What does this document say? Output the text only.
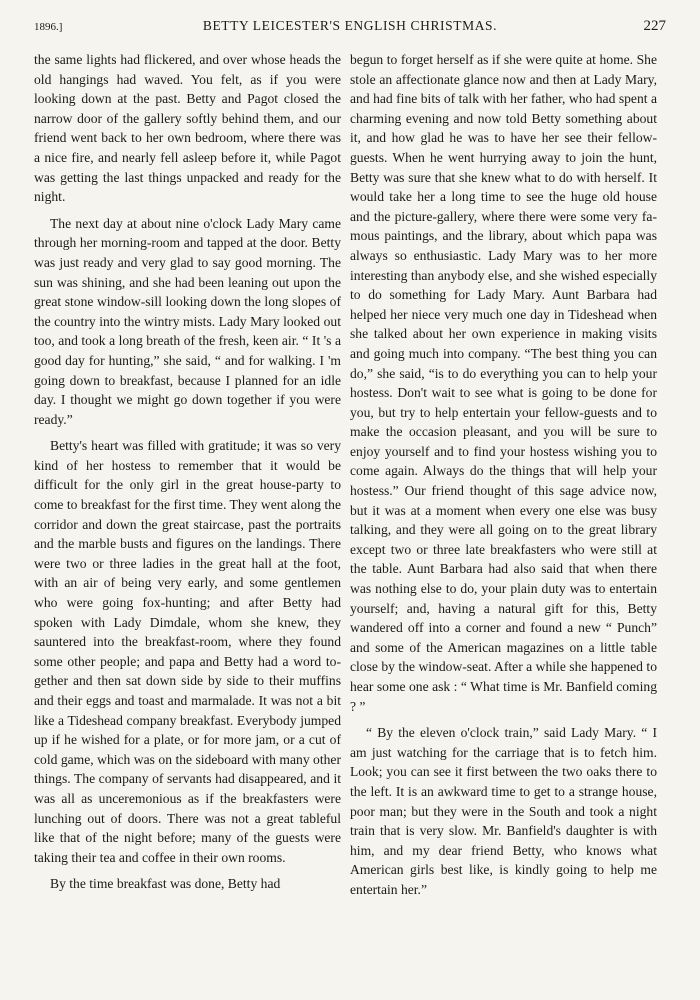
1896.]	BETTY LEICESTER'S ENGLISH CHRISTMAS.	227

the same lights had flickered, and over whose heads the old hangings had waved. You felt, as if you were looking down at the past. Betty and Pagot closed the narrow door of the gallery softly behind them, and our friend went back to her own bedroom, where there was a nice fire, and nearly fell asleep before it, while Pagot was getting the last things unpacked and ready for the night.

The next day at about nine o'clock Lady Mary came through her morning-room and tapped at the door. Betty was just ready and very glad to say good morning. The sun was shining, and she had been leaning out upon the great stone window-sill looking down the long slopes of the country into the wintry mists. Lady Mary looked out too, and took a long breath of the fresh, keen air. “ It 's a good day for hunting,” she said, “ and for walking. I 'm going down to breakfast, because I planned for an idle day. I thought we might go down together if you were ready.”

Betty's heart was filled with gratitude; it was so very kind of her hostess to remember that it would be difficult for the only girl in the great house-party to come to breakfast for the first time. They went along the corridor and down the great staircase, past the portraits and the marble busts and figures on the landings. There were two or three ladies in the great hall at the foot, with an air of being very early, and some gentlemen who were going fox-hunting; and after Betty had spoken with Lady Dimdale, whom she knew, they sauntered into the breakfast-room, where they found some other people; and papa and Betty had a word together and then sat down side by side to their muffins and their eggs and toast and marmalade. It was not a bit like a Tideshead company breakfast. Everybody jumped up if he wished for a plate, or for more jam, or a cut of cold game, which was on the sideboard with many other things. The company of servants had disappeared, and it was all as unceremonious as if the breakfasters were lunching out of doors. There was not a great tableful like that of the night before; many of the guests were taking their tea and coffee in their own rooms.

By the time breakfast was done, Betty had

begun to forget herself as if she were quite at home. She stole an affectionate glance now and then at Lady Mary, and had fine bits of talk with her father, who had spent a charming evening and now told Betty something about it, and how glad he was to have her see their fellow-guests. When he went hurrying away to join the hunt, Betty was sure that she knew what to do with herself. It would take her a long time to see the huge old house and the picture-gallery, where there were some very famous paintings, and the library, about which papa was always so enthusiastic. Lady Mary was to her more interesting than anybody else, and she wished especially to do something for Lady Mary. Aunt Barbara had helped her niece very much one day in Tideshead when she talked about her own experience in making visits and going much into company. “The best thing you can do,” she said, “is to do everything you can to help your hostess. Don't wait to see what is going to be done for you, but try to help entertain your fellow-guests and to make the occasion pleasant, and you will be sure to enjoy yourself and to find your hostess wishing you to come again. Always do the things that will help your hostess.” Our friend thought of this sage advice now, but it was at a moment when every one else was busy talking, and they were all going on to the great library except two or three late breakfasters who were still at the table. Aunt Barbara had also said that when there was nothing else to do, your plain duty was to entertain yourself; and, having a natural gift for this, Betty wandered off into a corner and found a new “ Punch” and some of the American magazines on a little table close by the window-seat. After a while she happened to hear some one ask : “ What time is Mr. Banfield coming ? ”

“ By the eleven o'clock train,” said Lady Mary. “ I am just watching for the carriage that is to fetch him. Look; you can see it first between the two oaks there to the left. It is an awkward time to get to a strange house, poor man; but they were in the South and took a night train that is very slow. Mr. Banfield's daughter is with him, and my dear friend Betty, who knows what American girls best like, is kindly going to help me entertain her.”
